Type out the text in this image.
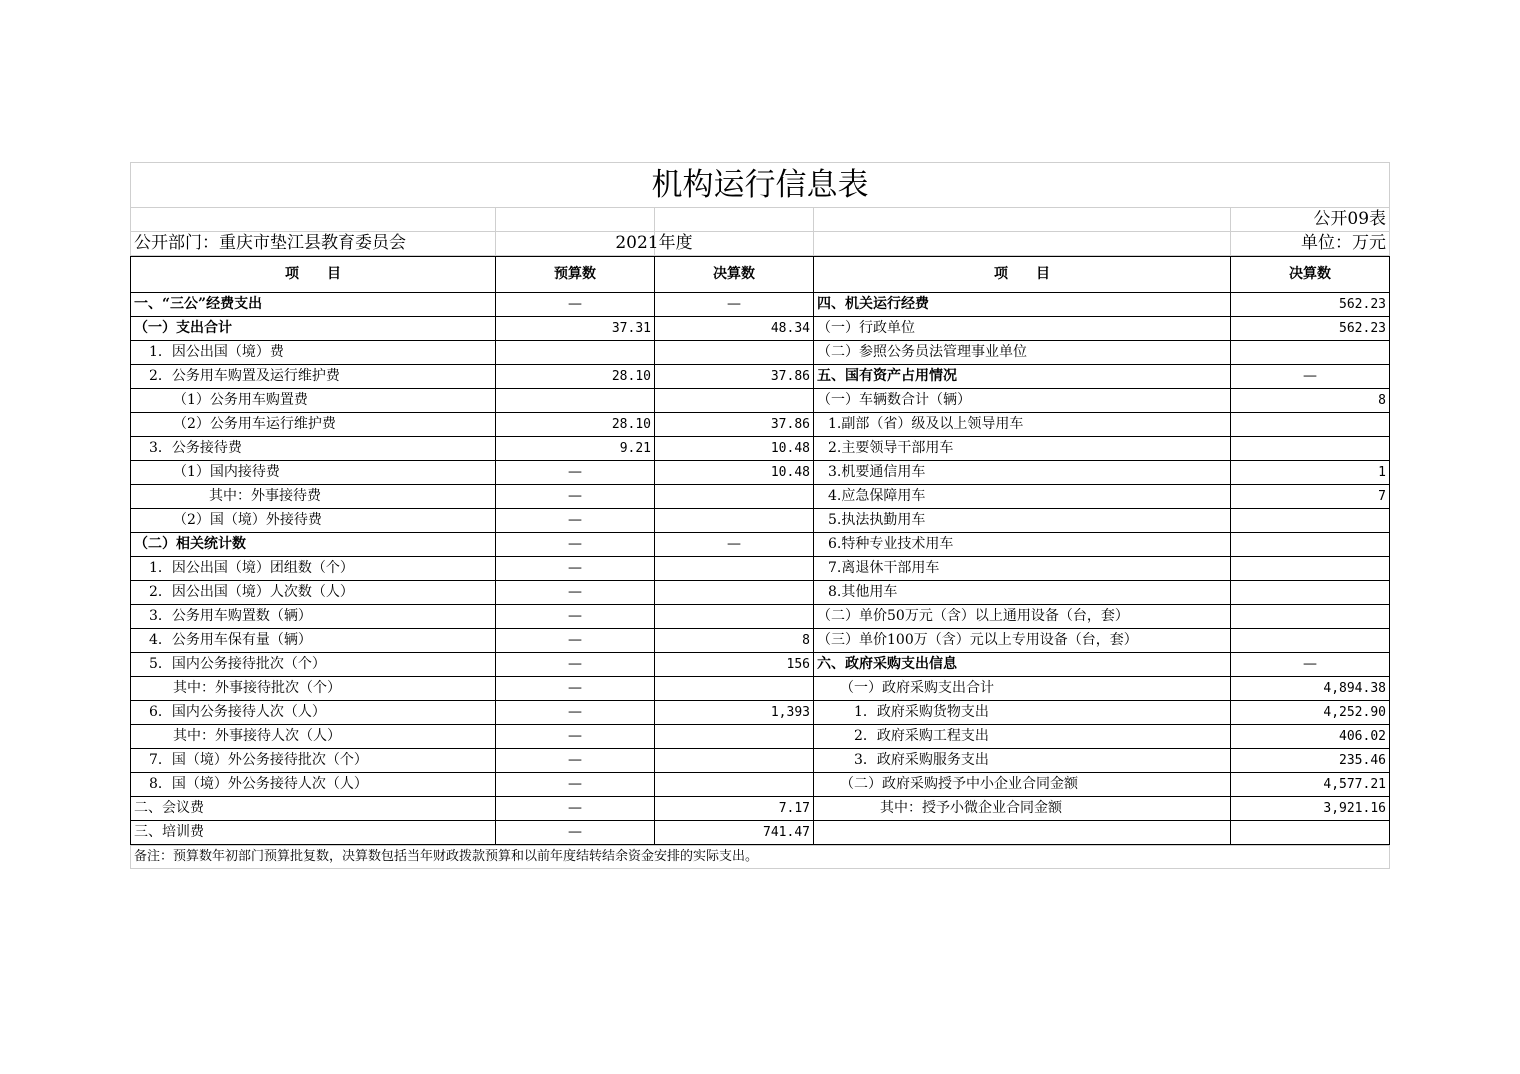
机构运行信息表				
				公开09表
公开部门：重庆市垫江县教育委员会		2021年度		单位：万元
项　　目	预算数	决算数	项　　目	决算数
一、“三公”经费支出	—	—	四、机关运行经费	562.23
（一）支出合计	37.31	48.34	（一）行政单位	562.23
1．因公出国（境）费			（二）参照公务员法管理事业单位	
2．公务用车购置及运行维护费	28.10	37.86	五、国有资产占用情况	—
（1）公务用车购置费			（一）车辆数合计（辆）	8
（2）公务用车运行维护费	28.10	37.86	1.副部（省）级及以上领导用车	
3．公务接待费	9.21	10.48	2.主要领导干部用车	
（1）国内接待费	—	10.48	3.机要通信用车	1
其中：外事接待费	—		4.应急保障用车	7
（2）国（境）外接待费	—		5.执法执勤用车	
（二）相关统计数	—	—	6.特种专业技术用车	
1．因公出国（境）团组数（个）	—		7.离退休干部用车	
2．因公出国（境）人次数（人）	—		8.其他用车	
3．公务用车购置数（辆）	—		（二）单价50万元（含）以上通用设备（台，套）	
4．公务用车保有量（辆）	—	8	（三）单价100万（含）元以上专用设备（台，套）	
5．国内公务接待批次（个）	—	156	六、政府采购支出信息	—
其中：外事接待批次（个）	—		（一）政府采购支出合计	4,894.38
6．国内公务接待人次（人）	—	1,393	1．政府采购货物支出	4,252.90
其中：外事接待人次（人）	—		2．政府采购工程支出	406.02
7．国（境）外公务接待批次（个）	—		3．政府采购服务支出	235.46
8．国（境）外公务接待人次（人）	—		（二）政府采购授予中小企业合同金额	4,577.21
二、会议费	—	7.17	其中：授予小微企业合同金额	3,921.16
三、培训费	—	741.47		
备注：预算数年初部门预算批复数，决算数包括当年财政拨款预算和以前年度结转结余资金安排的实际支出。
